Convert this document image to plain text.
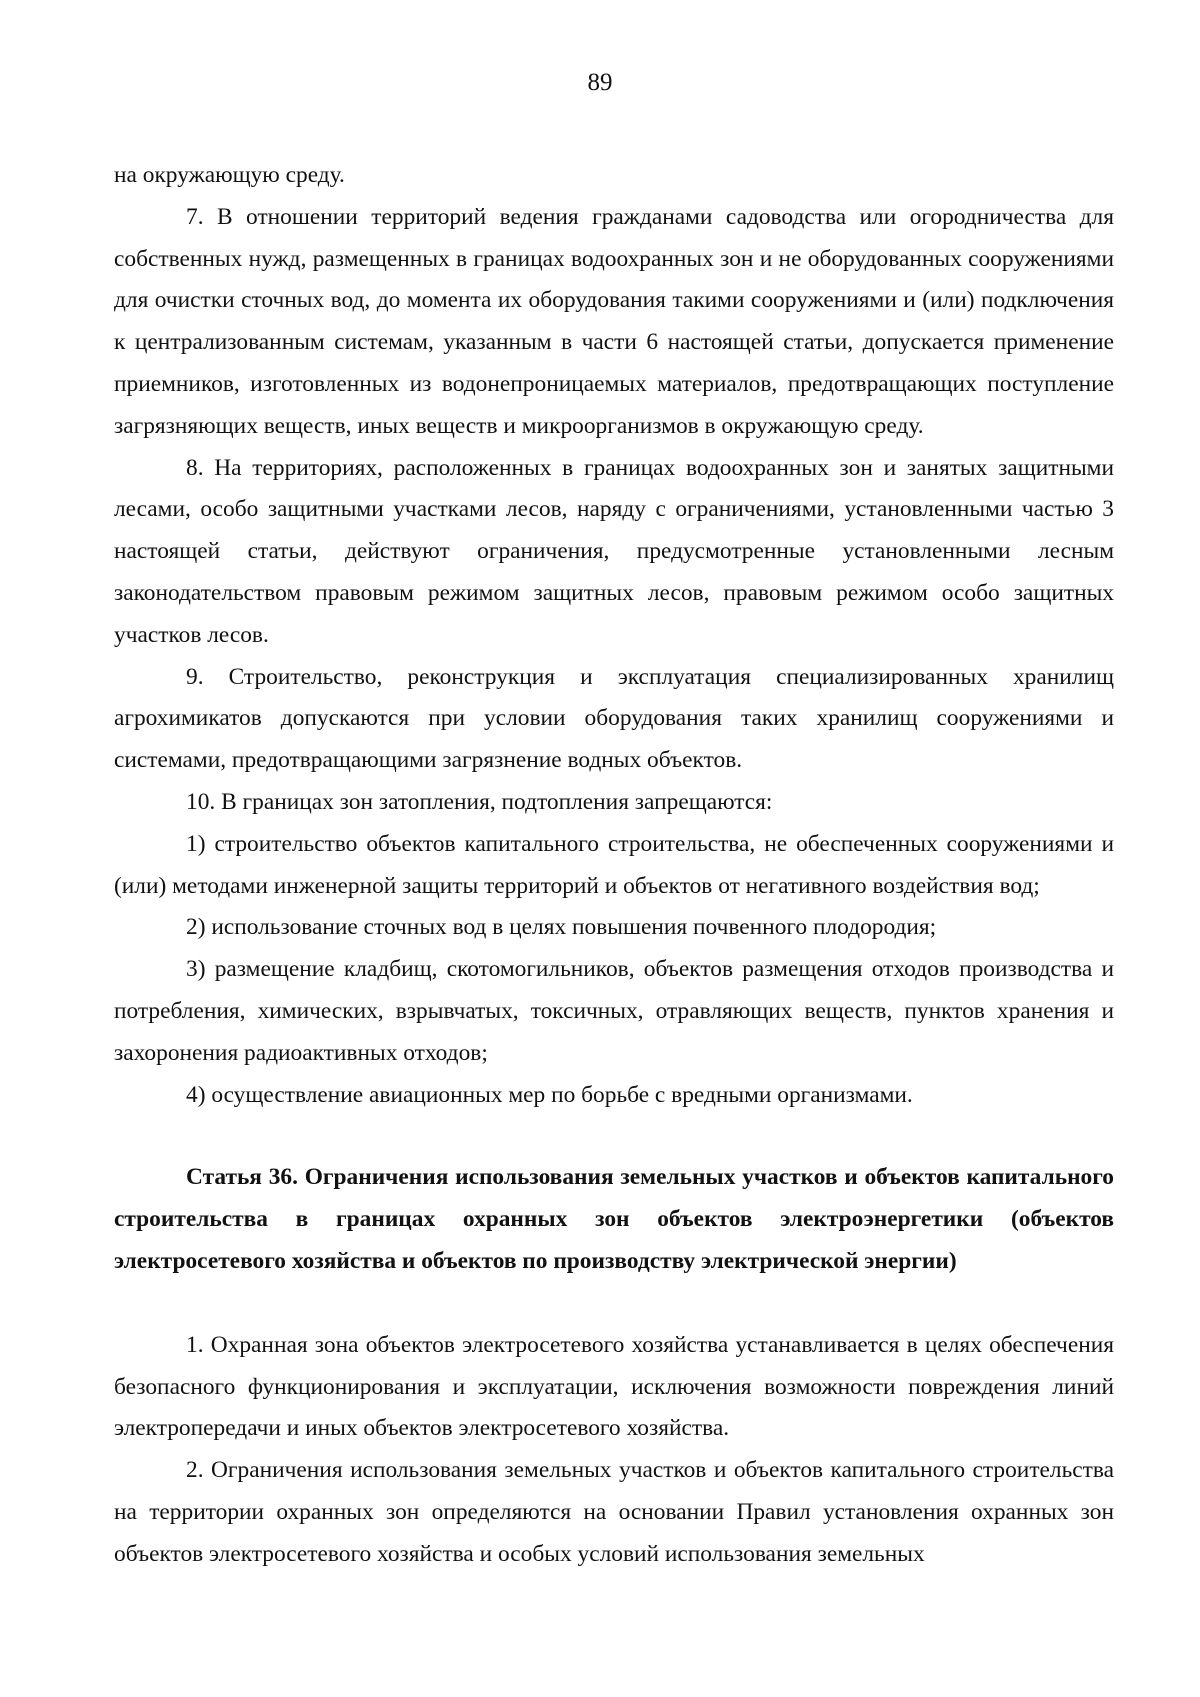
89

на окружающую среду.

7. В отношении территорий ведения гражданами садоводства или огородничества для собственных нужд, размещенных в границах водоохранных зон и не оборудованных сооружениями для очистки сточных вод, до момента их оборудования такими сооружениями и (или) подключения к централизованным системам, указанным в части 6 настоящей статьи, допускается применение приемников, изготовленных из водонепроницаемых материалов, предотвращающих поступление загрязняющих веществ, иных веществ и микроорганизмов в окружающую среду.

8. На территориях, расположенных в границах водоохранных зон и занятых защитными лесами, особо защитными участками лесов, наряду с ограничениями, установленными частью 3 настоящей статьи, действуют ограничения, предусмотренные установленными лесным законодательством правовым режимом защитных лесов, правовым режимом особо защитных участков лесов.

9. Строительство, реконструкция и эксплуатация специализированных хранилищ агрохимикатов допускаются при условии оборудования таких хранилищ сооружениями и системами, предотвращающими загрязнение водных объектов.

10. В границах зон затопления, подтопления запрещаются:

1) строительство объектов капитального строительства, не обеспеченных сооружениями и (или) методами инженерной защиты территорий и объектов от негативного воздействия вод;

2) использование сточных вод в целях повышения почвенного плодородия;

3) размещение кладбищ, скотомогильников, объектов размещения отходов производства и потребления, химических, взрывчатых, токсичных, отравляющих веществ, пунктов хранения и захоронения радиоактивных отходов;

4) осуществление авиационных мер по борьбе с вредными организмами.

Статья 36. Ограничения использования земельных участков и объектов капитального строительства в границах охранных зон объектов электроэнергетики (объектов электросетевого хозяйства и объектов по производству электрической энергии)

1. Охранная зона объектов электросетевого хозяйства устанавливается в целях обеспечения безопасного функционирования и эксплуатации, исключения возможности повреждения линий электропередачи и иных объектов электросетевого хозяйства.

2. Ограничения использования земельных участков и объектов капитального строительства на территории охранных зон определяются на основании Правил установления охранных зон объектов электросетевого хозяйства и особых условий использования земельных
